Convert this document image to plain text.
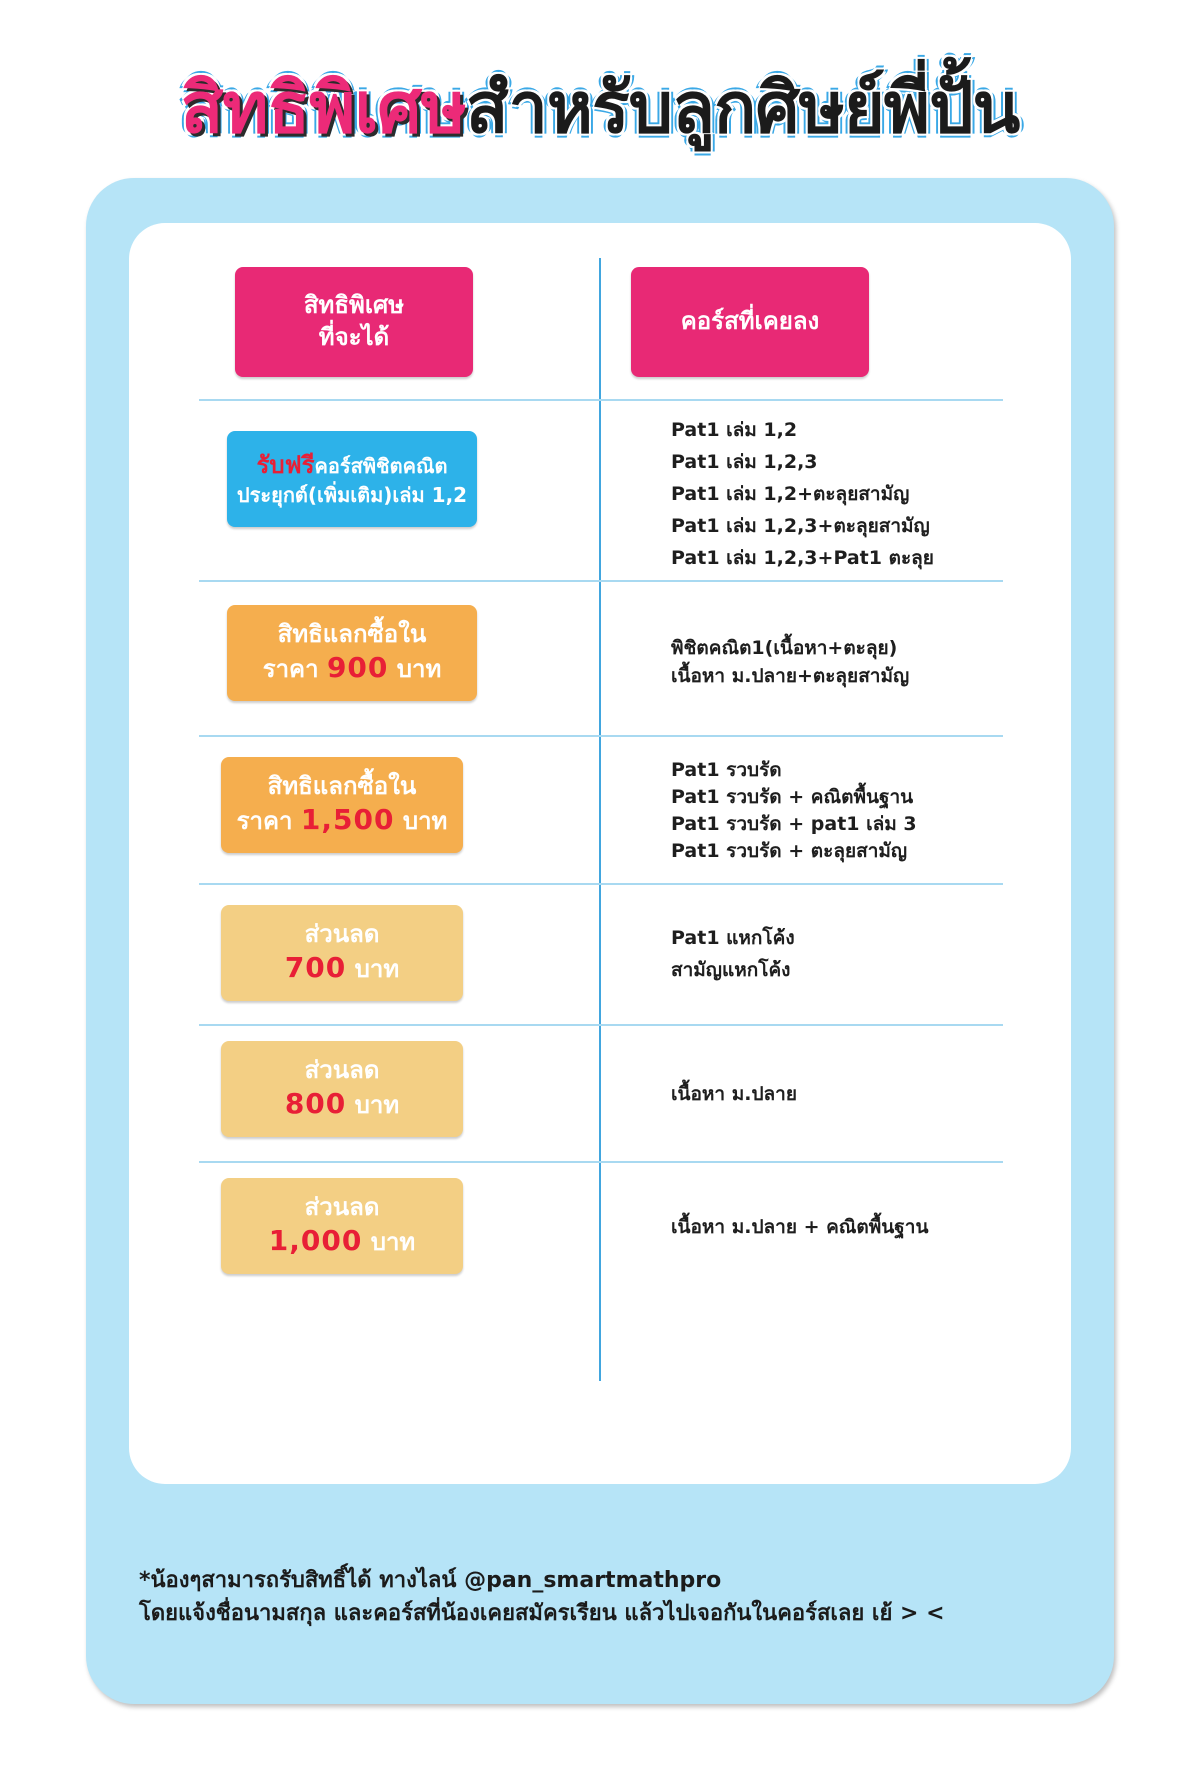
สิทธิพิเศษสำหรับลูกศิษย์พี่ปั้น
สิทธิพิเศษ
ที่จะได้
คอร์สที่เคยลง
รับฟรีคอร์สพิชิตคณิต
ประยุกต์(เพิ่มเติม)เล่ม 1,2
Pat1 เล่ม 1,2
Pat1 เล่ม 1,2,3
Pat1 เล่ม 1,2+ตะลุยสามัญ
Pat1 เล่ม 1,2,3+ตะลุยสามัญ
Pat1 เล่ม 1,2,3+Pat1 ตะลุย
สิทธิแลกซื้อใน
ราคา 900 บาท
พิชิตคณิต1(เนื้อหา+ตะลุย)
เนื้อหา ม.ปลาย+ตะลุยสามัญ
สิทธิแลกซื้อใน
ราคา 1,500 บาท
Pat1 รวบรัด
Pat1 รวบรัด + คณิตพื้นฐาน
Pat1 รวบรัด + pat1 เล่ม 3
Pat1 รวบรัด + ตะลุยสามัญ
ส่วนลด
700 บาท
Pat1 แหกโค้ง
สามัญแหกโค้ง
ส่วนลด
800 บาท	เนื้อหา ม.ปลาย
ส่วนลด
1,000 บาท
เนื้อหา ม.ปลาย + คณิตพื้นฐาน
*น้องๆสามารถรับสิทธิ์ได้ ทางไลน์ @pan_smartmathpro
โดยแจ้งชื่อนามสกุล และคอร์สที่น้องเคยสมัครเรียน แล้วไปเจอกันในคอร์สเลย เย้ > <
